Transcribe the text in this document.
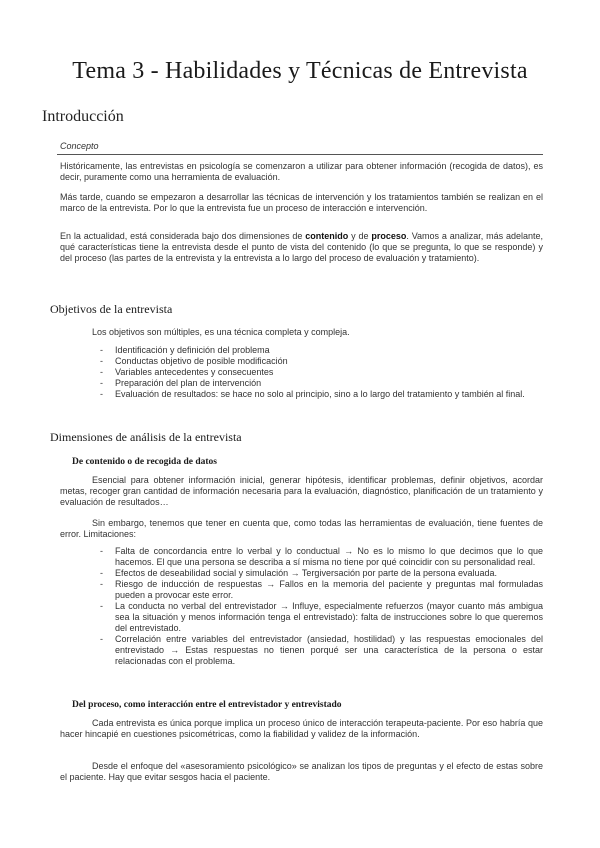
Tema 3 - Habilidades y Técnicas de Entrevista
Introducción
Concepto

Históricamente, las entrevistas en psicología se comenzaron a utilizar para obtener información (recogida de datos), es decir, puramente como una herramienta de evaluación.

Más tarde, cuando se empezaron a desarrollar las técnicas de intervención y los tratamientos también se realizan en el marco de la entrevista. Por lo que la entrevista fue un proceso de interacción e intervención.

En la actualidad, está considerada bajo dos dimensiones de contenido y de proceso. Vamos a analizar, más adelante, qué características tiene la entrevista desde el punto de vista del contenido (lo que se pregunta, lo que se responde) y del proceso (las partes de la entrevista y la entrevista a lo largo del proceso de evaluación y tratamiento).

Objetivos de la entrevista

Los objetivos son múltiples, es una técnica completa y compleja.

- Identificación y definición del problema
- Conductas objetivo de posible modificación
- Variables antecedentes y consecuentes
- Preparación del plan de intervención
- Evaluación de resultados: se hace no solo al principio, sino a lo largo del tratamiento y también al final.
Dimensiones de análisis de la entrevista
De contenido o de recogida de datos

Esencial para obtener información inicial, generar hipótesis, identificar problemas, definir objetivos, acordar metas, recoger gran cantidad de información necesaria para la evaluación, diagnóstico, planificación de un tratamiento y evaluación de resultados…

Sin embargo, tenemos que tener en cuenta que, como todas las herramientas de evaluación, tiene fuentes de error. Limitaciones:

- Falta de concordancia entre lo verbal y lo conductual → No es lo mismo lo que decimos que lo que hacemos. El que una persona se describa a sí misma no tiene por qué coincidir con su personalidad real.
- Efectos de deseabilidad social y simulación → Tergiversación por parte de la persona evaluada.
- Riesgo de inducción de respuestas → Fallos en la memoria del paciente y preguntas mal formuladas pueden a provocar este error.
- La conducta no verbal del entrevistador → Influye, especialmente refuerzos (mayor cuanto más ambigua sea la situación y menos información tenga el entrevistado): falta de instrucciones sobre lo que queremos del entrevistado.
- Correlación entre variables del entrevistador (ansiedad, hostilidad) y las respuestas emocionales del entrevistado → Estas respuestas no tienen porqué ser una característica de la persona o estar relacionadas con el problema.
Del proceso, como interacción entre el entrevistador y entrevistado

Cada entrevista es única porque implica un proceso único de interacción terapeuta-paciente. Por eso habría que hacer hincapié en cuestiones psicométricas, como la fiabilidad y validez de la información.

Desde el enfoque del «asesoramiento psicológico» se analizan los tipos de preguntas y el efecto de estas sobre el paciente. Hay que evitar sesgos hacia el paciente.
